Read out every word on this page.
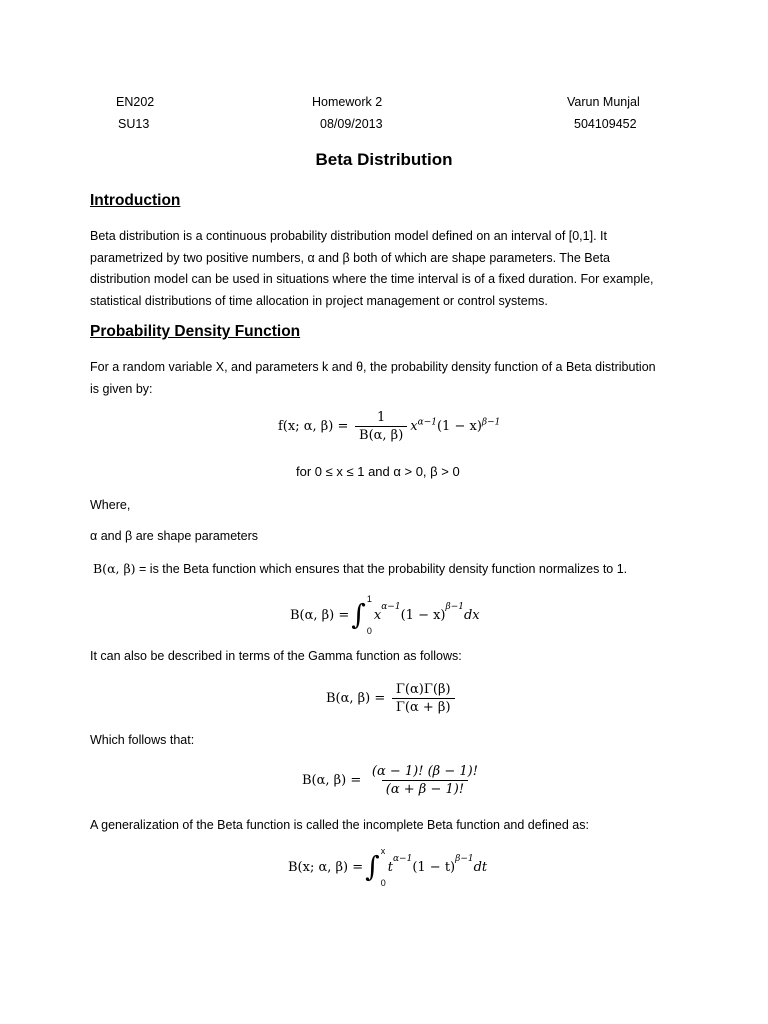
EN202
SU13
Homework 2
08/09/2013
Varun Munjal
504109452
Beta Distribution
Introduction
Beta distribution is a continuous probability distribution model defined on an interval of [0,1]. It
parametrized by two positive numbers, α and β both of which are shape parameters. The Beta
distribution model can be used in situations where the time interval is of a fixed duration. For example,
statistical distributions of time allocation in project management or control systems.
Probability Density Function
For a random variable X, and parameters k and θ, the probability density function of a Beta distribution
is given by:
f(x; α, $\beta) = \frac{1}{B(\alpha, \beta)} x^{\alpha-1}(1 - x)^{\beta-1}$
for 0 ≤ x ≤ 1 and α > 0, β > 0
Where,
α and β are shape parameters
B(α, β) = is the Beta function which ensures that the probability density function normalizes to 1.
B(α, β) = ∫ 1
0
x
$^{\alpha-1}$
(1 − x)
$^{\beta-1}$
dx
It can also be described in terms of the Gamma function as follows:
B(α, $\beta) = \frac{\Gamma(\alpha)\Gamma(\beta)}{\Gamma(\alpha + \beta)}$
Which follows that:
B(α, $\beta) = \frac{(\alpha - 1)! (\beta - 1)!}{(\alpha + \beta - 1)!}$
A generalization of the Beta function is called the incomplete Beta function and defined as:
B(x; α, β) = ∫ x
0
t
$^{\alpha-1}$
(1 − t)
$^{\beta-1}$
dt
